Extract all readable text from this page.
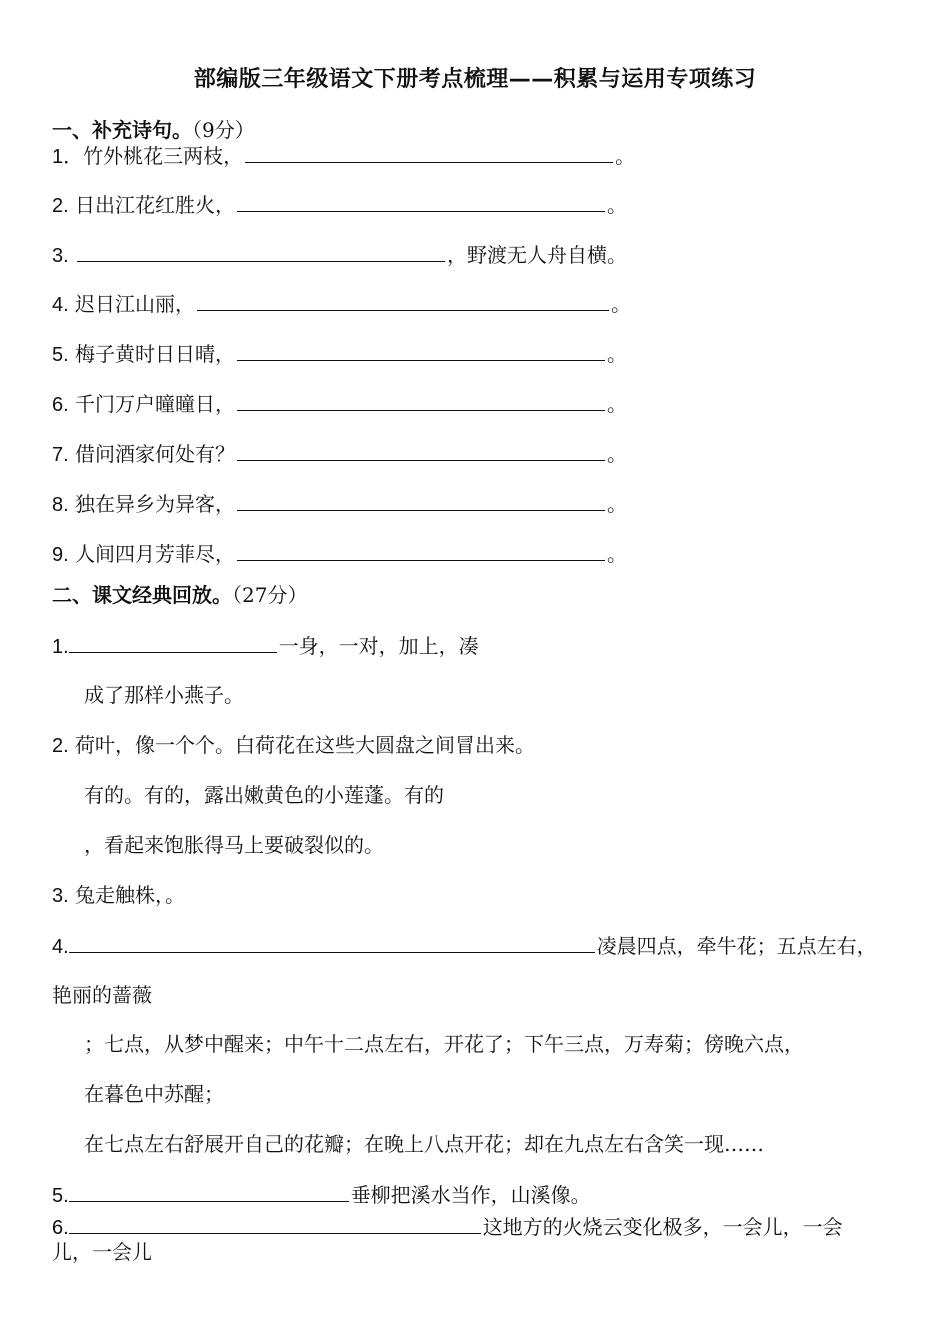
部编版三年级语文下册考点梳理——积累与运用专项练习
一、补充诗句。（9分）
1．竹外桃花三两枝，	。
2. 日出江花红胜火，	。
3.	，野渡无人舟自横。
4. 迟日江山丽，	。
5. 梅子黄时日日晴，	。
6. 千门万户曈曈日，	。
7. 借问酒家何处有？	。
8. 独在异乡为异客，	。
9. 人间四月芳菲尽，	。
二、课文经典回放。（27分）
1.	一身，一对，加上，凑
成了那样小燕子。
2. 荷叶，像一个个。白荷花在这些大圆盘之间冒出来。
有的。有的，露出嫩黄色的小莲蓬。有的
，看起来饱胀得马上要破裂似的。
3. 兔走触株，。
4.	凌晨四点，牵牛花；五点左右，
艳丽的蔷薇
；七点，从梦中醒来；中午十二点左右，开花了；下午三点，万寿菊；傍晚六点，
在暮色中苏醒；
在七点左右舒展开自己的花瓣；在晚上八点开花；却在九点左右含笑一现……
5.	垂柳把溪水当作，山溪像。
6.	这地方的火烧云变化极多，一会儿，一会
儿，一会儿
